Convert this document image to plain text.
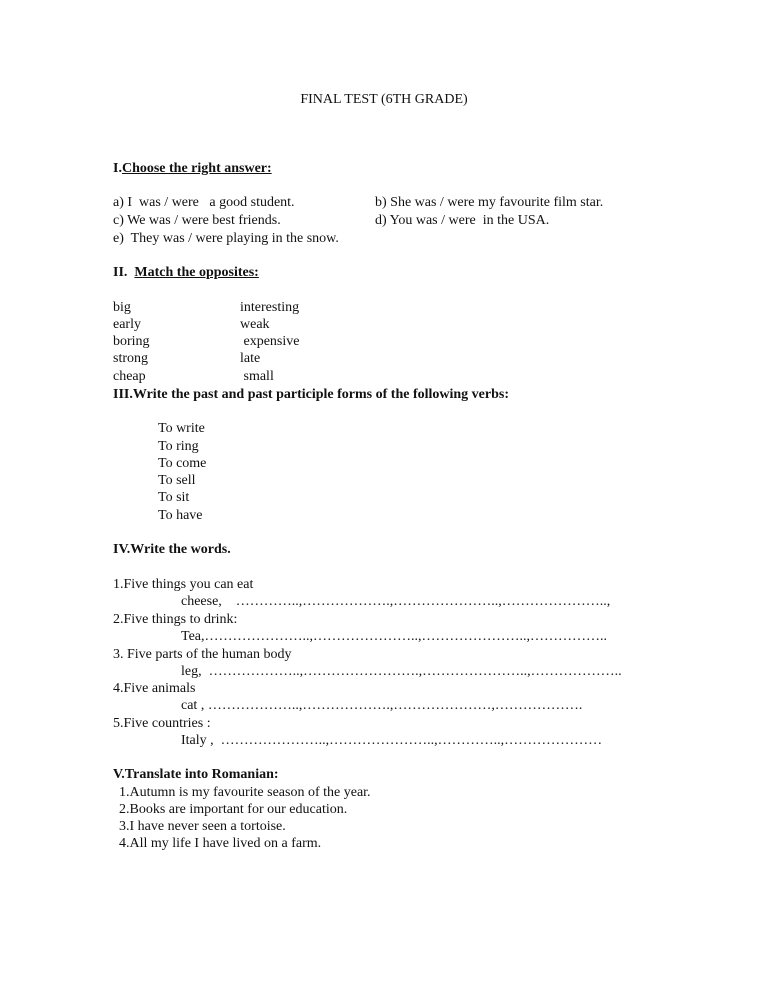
FINAL TEST (6TH GRADE)
I.Choose the right answer:
a) I  was / were   a good student.	b) She was / were my favourite film star.
c) We was / were best friends.	d) You was / were  in the USA.
e)  They was / were playing in the snow.
II.  Match the opposites:
big	interesting
early	weak
boring	expensive
strong	late
cheap	small
III.Write the past and past participle forms of the following verbs:
To write
To ring
To come
To sell
To sit
To have
IV.Write the words.
1.Five things you can eat
cheese,    …………..,……………….,…………………..,…………………..,
2.Five things to drink:
Tea,…………………..,…………………..,…………………..,……………..
3. Five parts of the human body
leg,  ………………..,…………………….,…………………..,………………..
4.Five animals
cat , ………………..,……………….,…………………,……………….
5.Five countries :
Italy ,  …………………..,…………………..,…………..,…………………
V.Translate into Romanian:
1.Autumn is my favourite season of the year.
2.Books are important for our education.
3.I have never seen a tortoise.
4.All my life I have lived on a farm.
